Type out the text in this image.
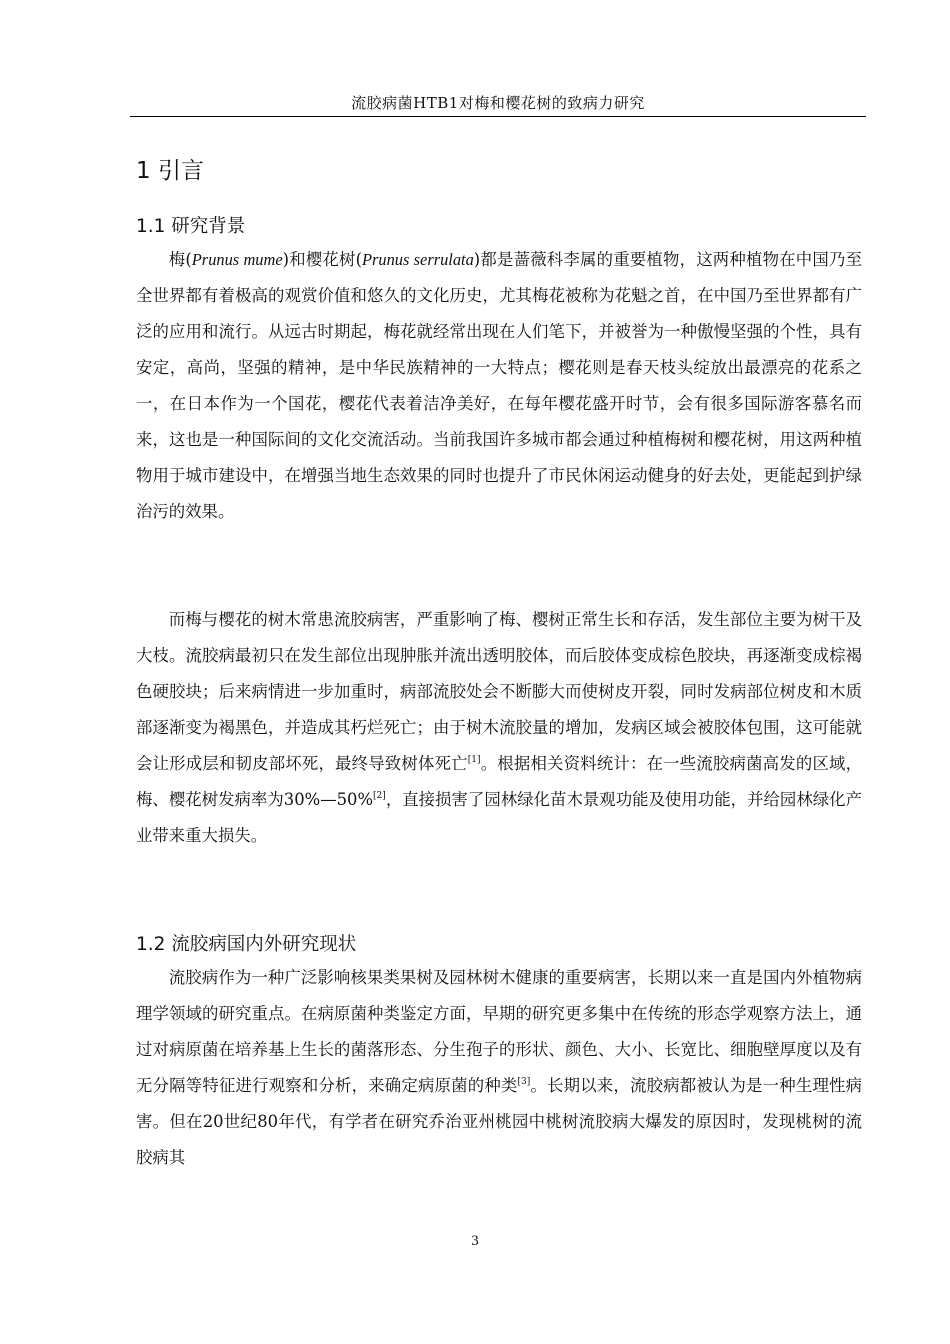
流胶病菌HTB1对梅和樱花树的致病力研究
1 引言
1.1 研究背景

梅(Prunus mume)和樱花树(Prunus serrulata)都是蔷薇科李属的重要植物，这两种植物在中国乃至全世界都有着极高的观赏价值和悠久的文化历史，尤其梅花被称为花魁之首，在中国乃至世界都有广泛的应用和流行。从远古时期起，梅花就经常出现在人们笔下，并被誉为一种傲慢坚强的个性，具有安定，高尚，坚强的精神，是中华民族精神的一大特点；樱花则是春天枝头绽放出最漂亮的花系之一，在日本作为一个国花，樱花代表着洁净美好，在每年樱花盛开时节，会有很多国际游客慕名而来，这也是一种国际间的文化交流活动。当前我国许多城市都会通过种植梅树和樱花树，用这两种植物用于城市建设中，在增强当地生态效果的同时也提升了市民休闲运动健身的好去处，更能起到护绿治污的效果。

而梅与樱花的树木常患流胶病害，严重影响了梅、樱树正常生长和存活，发生部位主要为树干及大枝。流胶病最初只在发生部位出现肿胀并流出透明胶体，而后胶体变成棕色胶块，再逐渐变成棕褐色硬胶块；后来病情进一步加重时，病部流胶处会不断膨大而使树皮开裂，同时发病部位树皮和木质部逐渐变为褐黑色，并造成其朽烂死亡；由于树木流胶量的增加，发病区域会被胶体包围，这可能就会让形成层和韧皮部坏死，最终导致树体死亡[1]。根据相关资料统计：在一些流胶病菌高发的区域，梅、樱花树发病率为30%—50%[2]，直接损害了园林绿化苗木景观功能及使用功能，并给园林绿化产业带来重大损失。

1.2 流胶病国内外研究现状

流胶病作为一种广泛影响核果类果树及园林树木健康的重要病害，长期以来一直是国内外植物病理学领域的研究重点。在病原菌种类鉴定方面，早期的研究更多集中在传统的形态学观察方法上，通过对病原菌在培养基上生长的菌落形态、分生孢子的形状、颜色、大小、长宽比、细胞壁厚度以及有无分隔等特征进行观察和分析，来确定病原菌的种类[3]。长期以来，流胶病都被认为是一种生理性病害。但在20世纪80年代，有学者在研究乔治亚州桃园中桃树流胶病大爆发的原因时，发现桃树的流胶病其

3
